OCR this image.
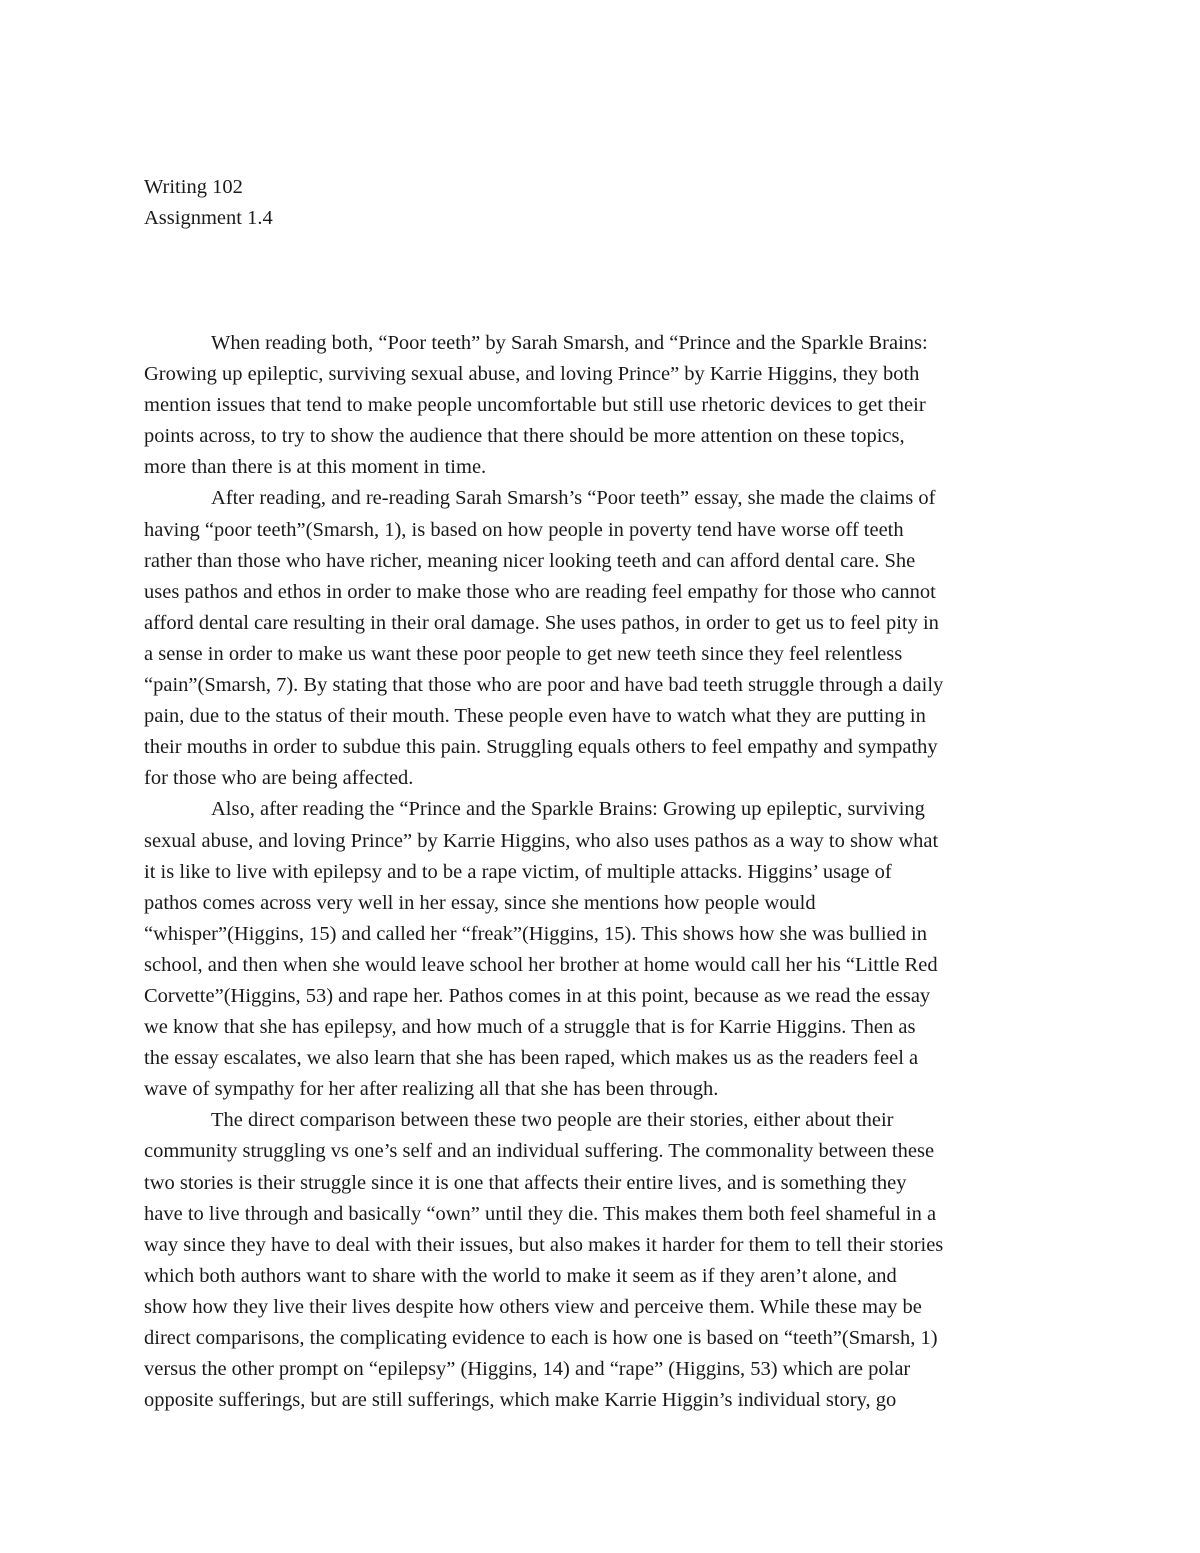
Writing 102
Assignment 1.4
When reading both, “Poor teeth” by Sarah Smarsh, and “Prince and the Sparkle Brains:
Growing up epileptic, surviving sexual abuse, and loving Prince” by Karrie Higgins, they both
mention issues that tend to make people uncomfortable but still use rhetoric devices to get their
points across, to try to show the audience that there should be more attention on these topics,
more than there is at this moment in time.
After reading, and re-reading Sarah Smarsh’s “Poor teeth” essay, she made the claims of
having “poor teeth”(Smarsh, 1), is based on how people in poverty tend have worse off teeth
rather than those who have richer, meaning nicer looking teeth and can afford dental care. She
uses pathos and ethos in order to make those who are reading feel empathy for those who cannot
afford dental care resulting in their oral damage. She uses pathos, in order to get us to feel pity in
a sense in order to make us want these poor people to get new teeth since they feel relentless
“pain”(Smarsh, 7). By stating that those who are poor and have bad teeth struggle through a daily
pain, due to the status of their mouth. These people even have to watch what they are putting in
their mouths in order to subdue this pain. Struggling equals others to feel empathy and sympathy
for those who are being affected.
Also, after reading the “Prince and the Sparkle Brains: Growing up epileptic, surviving
sexual abuse, and loving Prince” by Karrie Higgins, who also uses pathos as a way to show what
it is like to live with epilepsy and to be a rape victim, of multiple attacks. Higgins’ usage of
pathos comes across very well in her essay, since she mentions how people would
“whisper”(Higgins, 15) and called her “freak”(Higgins, 15). This shows how she was bullied in
school, and then when she would leave school her brother at home would call her his “Little Red
Corvette”(Higgins, 53) and rape her. Pathos comes in at this point, because as we read the essay
we know that she has epilepsy, and how much of a struggle that is for Karrie Higgins. Then as
the essay escalates, we also learn that she has been raped, which makes us as the readers feel a
wave of sympathy for her after realizing all that she has been through.
The direct comparison between these two people are their stories, either about their
community struggling vs one’s self and an individual suffering. The commonality between these
two stories is their struggle since it is one that affects their entire lives, and is something they
have to live through and basically “own” until they die. This makes them both feel shameful in a
way since they have to deal with their issues, but also makes it harder for them to tell their stories
which both authors want to share with the world to make it seem as if they aren’t alone, and
show how they live their lives despite how others view and perceive them. While these may be
direct comparisons, the complicating evidence to each is how one is based on “teeth”(Smarsh, 1)
versus the other prompt on “epilepsy” (Higgins, 14) and “rape” (Higgins, 53) which are polar
opposite sufferings, but are still sufferings, which make Karrie Higgin’s individual story, go
